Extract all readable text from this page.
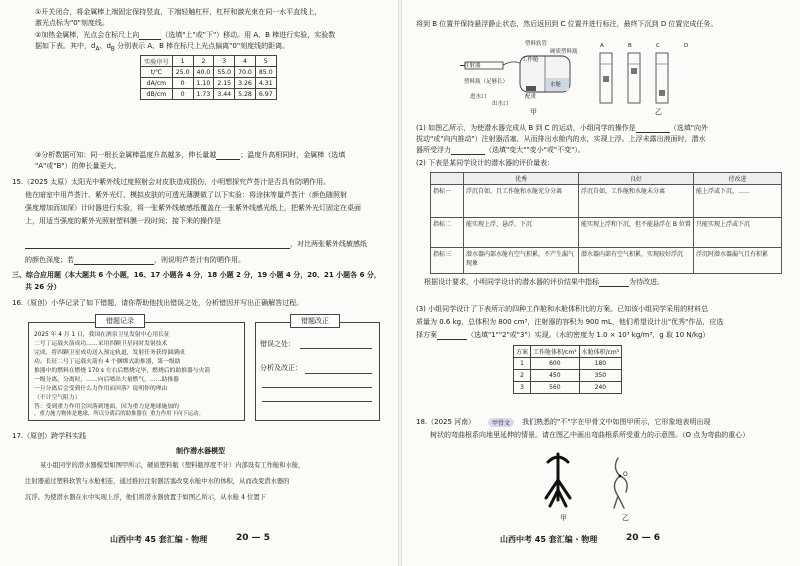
①开关闭合，将金属棒上端固定保持竖直，下端轻触杠杆，杠杆和激光束在同一水平直线上，
激光点标为"0"刻度线。
②加热金属棒，光点会在标尺上向	（选填"上"或"下"）移动。用 A、B 棒进行实验，实验数
据如下表。其中，$d_A$、$d_B$ 分别表示 A、B 棒在标尺上光点偏离"0"刻度线的距离。
实验序号	1	2	3	4	5
t/℃	25.0	40.0	55.0	70.0	85.0
dA/cm	0	1.10	2.15	3.26	4.31
dB/cm	0	1.73	3.44	5.28	6.97
③分析数据可知：同一根长金属棒温度升高越多，伸长量越	；温度升高相同时，金属棒（选填
"A"或"B"）的伸长量更大。
15.（2025 太原）太阳光中紫外线过度照射会对皮肤造成损伤，小明想探究芦荟汁是否具有防晒作用。
他在暗室中用芦荟汁、紫外光灯、模拟皮肤的可透光薄膜做了以下实验：将涂抹等量芦荟汁（颜色随照射
强度增加而加深）计时器进行实验，将一张紫外线敏感纸覆盖在一张紫外线感光纸上，把紫外光灯固定在桌面
上，用适当强度的紫外光照射塑料膜一段时间；接下来的操作是
，对比两张紫外线敏感纸
的颜色深度；若	，则说明芦荟汁有防晒作用。
三、综合应用题（本大题共 6 个小题，16、17 小题各 4 分，18 小题 2 分，19 小题 4 分，20、21 小题各 6 分，
共 26 分）
16.（原创）小华记录了如下错题，请你帮助他找出错误之处，分析错因并写出正确解答过程。
错题记录	错题改正
2025 年 4 月 1 日，我国在酒泉卫星发射中心用长征
二号丁运载火箭成功……采用四颗卫星同时发射技术
完成，将四颗卫星成功送入预定轨道，发射任务获得圆满成
功。长征二号丁运载火箭有 4 个捆绑式助推器，第一级助
推器中的燃料在燃烧 170 s 左右后燃烧完毕，燃烧后的助推器与火箭
一级分离。分离时，……向后喷出大量燃气，……助推器
一旦分离后会受到什么力作用而回落？说明你的理由
（不计空气阻力）
答：受到重力作用会回落到地面，因为重力是地球施加的
，重力施力物体是地球，所以分离后的助推器在 重力作用下向下运动。
错误之处：
分析及改正：
17.（原创）跨学科实践
制作潜水器模型
某小组同学的潜水器模型如图甲所示，硬质塑料瓶（塑料瓶厚度不计）内部设有工作舱和水舱，
注射器通过塑料软管与水舱相连，通过推拉注射器活塞改变水舱中水的体积，从而改变潜水器的
沉浮。为使潜水器在水中实现上浮，他们将潜水器放置于如图乙所示，从水舱 4 位置下
山西中考 45 套汇编 · 物理	20 — 5
将到 B 位置并保持悬浮静止状态，然后返回到 C 位置并进行标注，最终下沉到 D 位置完成任务。
塑料软管
硬质塑料瓶
工作舱
水舱
配重
进水口
出水口
注射器
塑料瓶（足够长）
甲	乙
A	B	C	D
(1) 如图乙所示，为使潜水器完成从 B 到 C 的运动，小组同学的操作是	（选填"向外
拔动"或"向内推动"）注射器活塞，从而排出水舱内的水，实现上浮。上浮未露出液面时，潜水
器所受浮力	（选填"变大""变小"或"不变"）。
(2) 下表是某同学设计的潜水器的评价量表：
	优秀	良好	待改进
指标一	浮沉自如，且工作舱和水舱充分分离	浮沉自如，工作舱和水舱未分离	能上浮或下沉，……
指标二	能实现上浮、悬浮、下沉	能实现上浮和下沉，但不能悬浮在 B 位置	只能实现上浮或下沉
指标三	潜水器内部水舱有空气积累，不产生漏气现象	潜水器内部有空气积累，实现较好浮沉	浮沉时潜水器漏气且有积累
根据设计要求，小明同学设计的潜水器的评价结果中指标	为待改进。
(3) 小组同学设计了下表所示的四种工作舱和水舱体积比的方案。已知该小组同学采用的材料总
质量为 0.6 kg，总体积为 800 cm³，注射器的容积为 900 mL，他们希望设计出"优秀"作品，应选
择方案	（选填"1""2"或"3"）实现。（水的密度为 1.0 × 10³ kg/m³，g 取 10 N/kg）
方案	工作舱体积/cm³	水舱体积/cm³
1	600	180
2	450	350
3	560	240
18.（2025 河南）	甲骨文	我们熟悉的"不"字在甲骨文中如图甲所示，它形象地表明出现
树状的弯曲根系向地里延伸的情景。请在图乙中画出弯曲根系所受重力的示意图。（O 点为弯曲的重心）
甲	乙
O
山西中考 45 套汇编 · 物理	20 — 6
